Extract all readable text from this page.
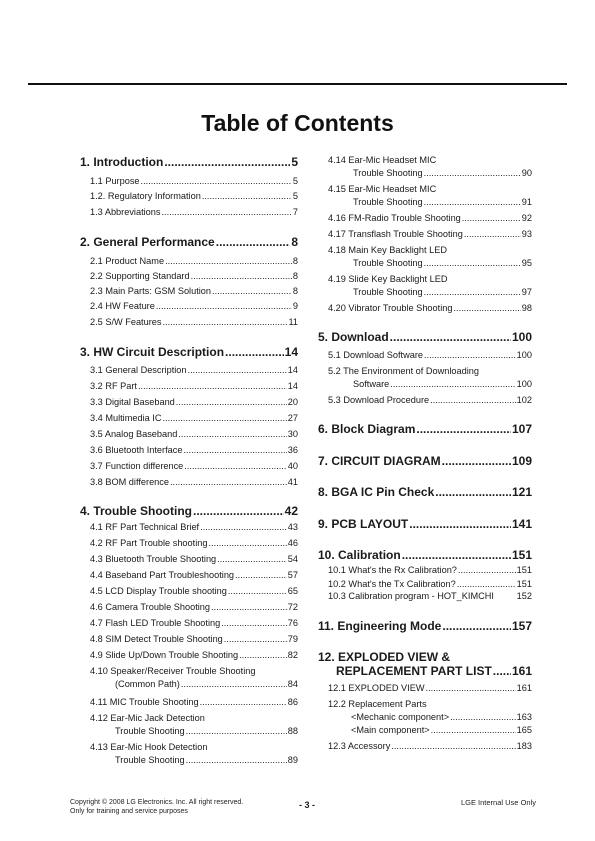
Table of Contents
1. Introduction .....	5
1.1 Purpose .....	5
1.2. Regulatory Information .....	5
1.3 Abbreviations .....	7
2. General Performance .....	8
2.1 Product Name .....	8
2.2 Supporting Standard .....	8
2.3 Main Parts: GSM Solution .....	8
2.4 HW Feature .....	9
2.5 S/W Features .....	11
3. HW Circuit Description .....	14
3.1 General Description .....	14
3.2 RF Part .....	14
3.3 Digital Baseband .....	20
3.4 Multimedia IC .....	27
3.5 Analog Baseband .....	30
3.6 Bluetooth Interface .....	36
3.7 Function difference .....	40
3.8 BOM difference .....	41
4. Trouble Shooting .....	42
4.1 RF Part Technical Brief .....	43
4.2 RF Part Trouble shooting .....	46
4.3 Bluetooth Trouble Shooting .....	54
4.4 Baseband Part Troubleshooting .....	57
4.5 LCD Display Trouble shooting .....	65
4.6 Camera Trouble Shooting .....	72
4.7 Flash LED Trouble Shooting .....	76
4.8 SIM Detect Trouble Shooting .....	79
4.9 Slide Up/Down Trouble Shooting .....	82
4.10 Speaker/Receiver Trouble Shooting
(Common Path) .....	84
4.11 MIC Trouble Shooting .....	86
4.12 Ear-Mic Jack Detection
Trouble Shooting .....	88
4.13 Ear-Mic Hook Detection
Trouble Shooting .....	89
4.14 Ear-Mic Headset MIC
Trouble Shooting .....	90
4.15 Ear-Mic Headset MIC
Trouble Shooting .....	91
4.16 FM-Radio Trouble Shooting .....	92
4.17 Transflash Trouble Shooting .....	93
4.18 Main Key Backlight LED
Trouble Shooting .....	95
4.19 Slide Key Backlight LED
Trouble Shooting .....	97
4.20 Vibrator Trouble Shooting .....	98
5. Download .....	100
5.1 Download Software .....	100
5.2 The Environment of Downloading
Software .....	100
5.3 Download Procedure .....	102
6. Block Diagram .....	107
7. CIRCUIT DIAGRAM .....	109
8. BGA IC Pin Check .....	121
9. PCB LAYOUT .....	141
10. Calibration .....	151
10.1 What's the Rx Calibration? .....	151
10.2 What's the Tx Calibration? .....	151
10.3 Calibration program - HOT_KIMCHI 152
11. Engineering Mode .....	157
12. EXPLODED VIEW &
REPLACEMENT PART LIST ..... 161
12.1 EXPLODED VIEW .....	161
12.2 Replacement Parts
<Mechanic component> .....	163
<Main component> .....	165
12.3 Accessory .....	183
Copyright © 2008 LG Electronics. Inc. All right reserved.
Only for training and service purposes
- 3 -	LGE Internal Use Only
